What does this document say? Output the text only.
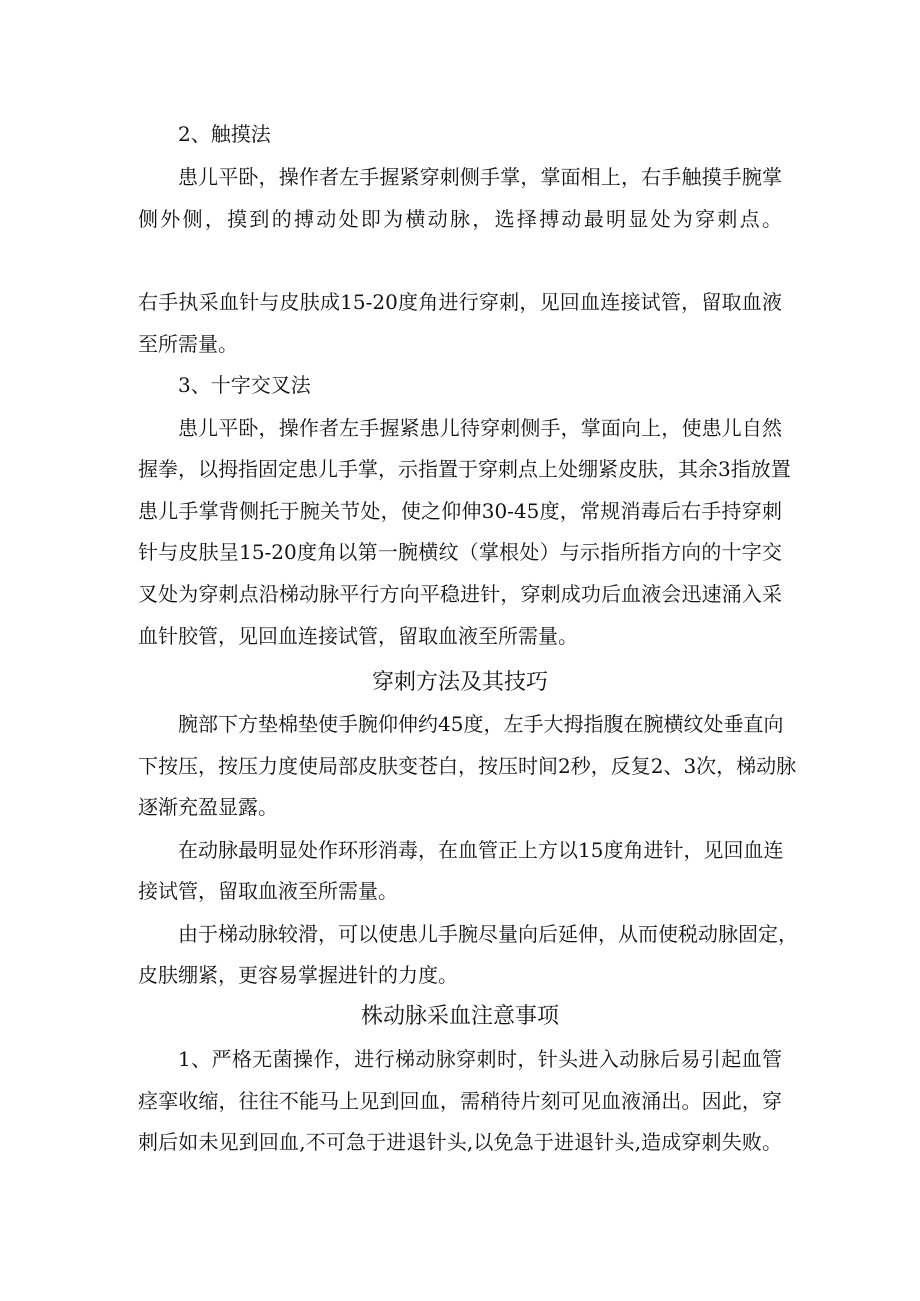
2、触摸法
患儿平卧，操作者左手握紧穿刺侧手掌，掌面相上，右手触摸手腕掌
侧外侧，摸到的搏动处即为横动脉，选择搏动最明显处为穿刺点。
右手执采血针与皮肤成15-20度角进行穿刺，见回血连接试管，留取血液
至所需量。
3、十字交叉法
患儿平卧，操作者左手握紧患儿待穿刺侧手，掌面向上，使患儿自然
握拳，以拇指固定患儿手掌，示指置于穿刺点上处绷紧皮肤，其余3指放置
患儿手掌背侧托于腕关节处，使之仰伸30-45度，常规消毒后右手持穿刺
针与皮肤呈15-20度角以第一腕横纹（掌根处）与示指所指方向的十字交
叉处为穿刺点沿梯动脉平行方向平稳进针，穿刺成功后血液会迅速涌入采
血针胶管，见回血连接试管，留取血液至所需量。
穿刺方法及其技巧
腕部下方垫棉垫使手腕仰伸约45度，左手大拇指腹在腕横纹处垂直向
下按压，按压力度使局部皮肤变苍白，按压时间2秒，反复2、3次，梯动脉
逐渐充盈显露。
在动脉最明显处作环形消毒，在血管正上方以15度角进针，见回血连
接试管，留取血液至所需量。
由于梯动脉较滑，可以使患儿手腕尽量向后延伸，从而使税动脉固定，
皮肤绷紧，更容易掌握进针的力度。
株动脉采血注意事项
1、严格无菌操作，进行梯动脉穿刺时，针头进入动脉后易引起血管
痉挛收缩，往往不能马上见到回血，需稍待片刻可见血液涌出。因此，穿
刺后如未见到回血,不可急于进退针头,以免急于进退针头,造成穿刺失败。
